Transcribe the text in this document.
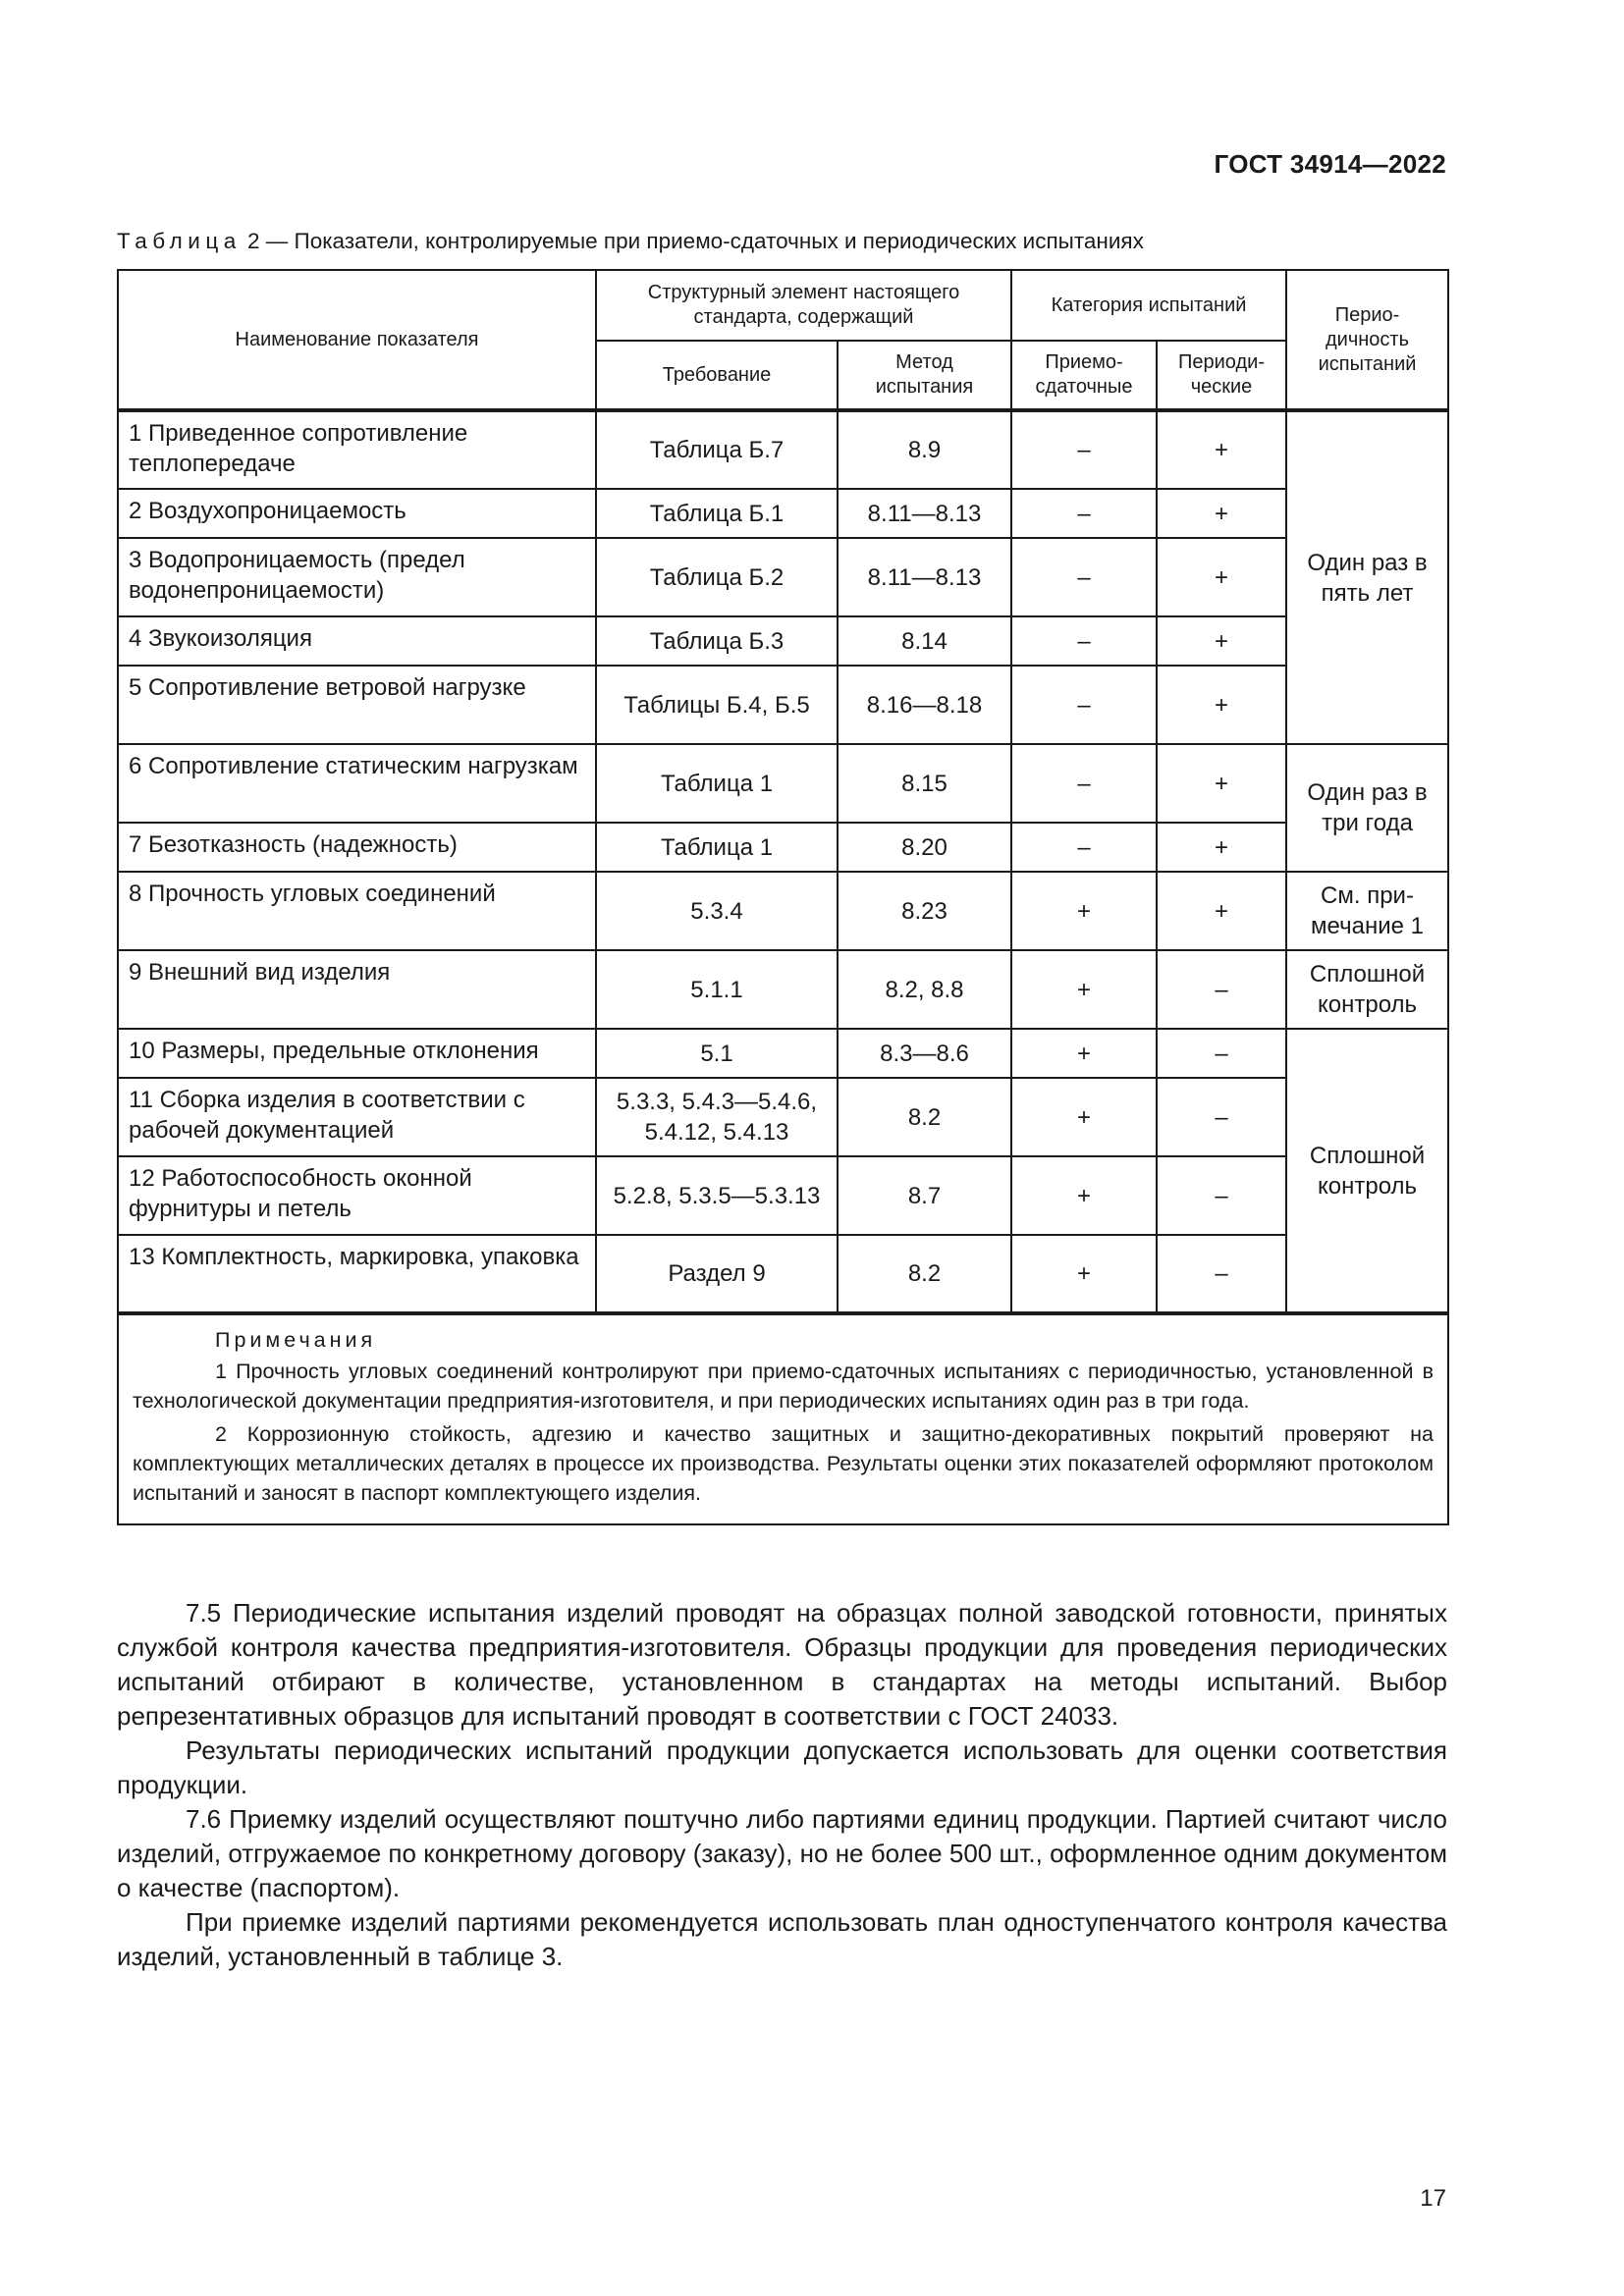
ГОСТ 34914—2022
Таблица 2 — Показатели, контролируемые при приемо-сдаточных и периодических испытаниях
Наименование показателя	Структурный элемент настоящего стандарта, содержащий		Категория испытаний		Перио- дичность испытаний
	Требование	Метод испытания	Приемо- сдаточные	Периоди- ческие	
1 Приведенное сопротивление теплопередаче	Таблица Б.7	8.9	–	+	Один раз в пять лет
2 Воздухопроницаемость	Таблица Б.1	8.11—8.13	–	+	
3 Водопроницаемость (предел водонепроницаемости)	Таблица Б.2	8.11—8.13	–	+	
4 Звукоизоляция	Таблица Б.3	8.14	–	+	
5 Сопротивление ветровой нагрузке	Таблицы Б.4, Б.5	8.16—8.18	–	+	
6 Сопротивление статическим нагрузкам	Таблица 1	8.15	–	+	Один раз в три года
7 Безотказность (надежность)	Таблица 1	8.20	–	+	
8 Прочность угловых соединений	5.3.4	8.23	+	+	См. при- мечание 1
9 Внешний вид изделия	5.1.1	8.2, 8.8	+	–	Сплошной контроль
10 Размеры, предельные отклонения	5.1	8.3—8.6	+	–	Сплошной контроль
11 Сборка изделия в соответствии с рабочей документацией	5.3.3, 5.4.3—5.4.6, 5.4.12, 5.4.13	8.2	+	–	
12 Работоспособность оконной фурнитуры и петель	5.2.8, 5.3.5—5.3.13	8.7	+	–	
13 Комплектность, маркировка, упаковка	Раздел 9	8.2	+	–	

Примечания

1 Прочность угловых соединений контролируют при приемо-сдаточных испытаниях с периодичностью, установленной в технологической документации предприятия-изготовителя, и при периодических испытаниях один раз в три года.

2 Коррозионную стойкость, адгезию и качество защитных и защитно-декоративных покрытий проверяют на комплектующих металлических деталях в процессе их производства. Результаты оценки этих показателей оформляют протоколом испытаний и заносят в паспорт комплектующего изделия.					

7.5 Периодические испытания изделий проводят на образцах полной заводской готовности, принятых службой контроля качества предприятия-изготовителя. Образцы продукции для проведения периодических испытаний отбирают в количестве, установленном в стандартах на методы испытаний. Выбор репрезентативных образцов для испытаний проводят в соответствии с ГОСТ 24033.

Результаты периодических испытаний продукции допускается использовать для оценки соответствия продукции.

7.6 Приемку изделий осуществляют поштучно либо партиями единиц продукции. Партией считают число изделий, отгружаемое по конкретному договору (заказу), но не более 500 шт., оформленное одним документом о качестве (паспортом).

При приемке изделий партиями рекомендуется использовать план одноступенчатого контроля качества изделий, установленный в таблице 3.

17
